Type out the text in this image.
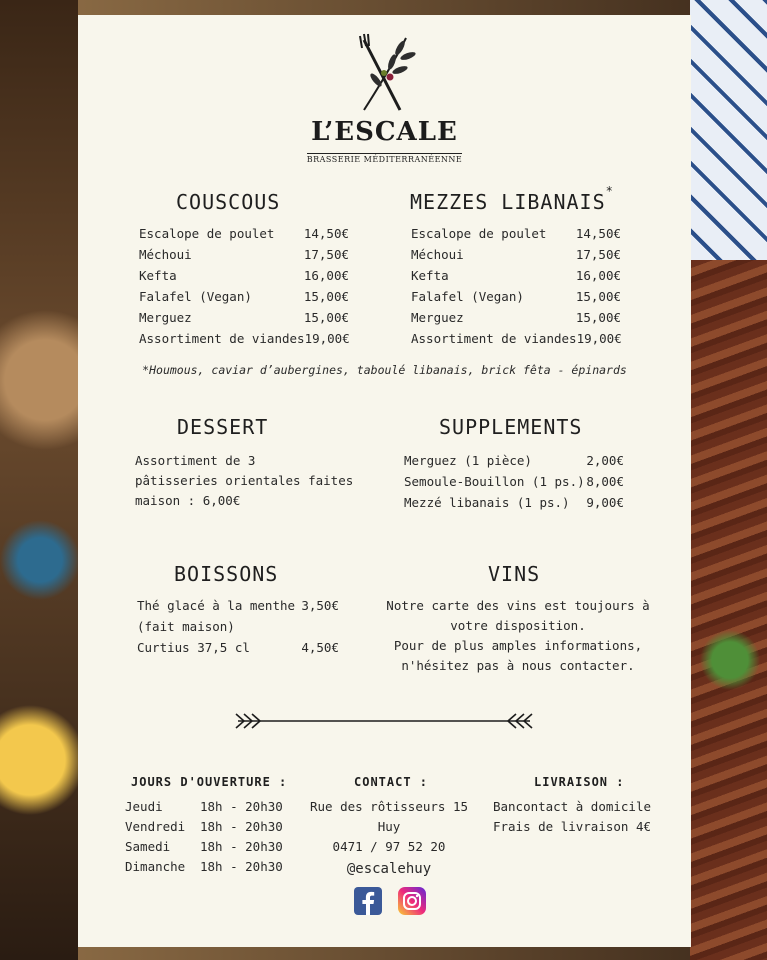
L’ESCALE
BRASSERIE MÉDITERRANÉENNE
COUSCOUS
Escalope de poulet 14,50€
Méchoui	17,50€
Kefta	16,00€
Falafel (Vegan)	15,00€
Merguez	15,00€
Assortiment de viandes 19,00€
MEZZES LIBANAIS*
Escalope de poulet 14,50€
Méchoui	17,50€
Kefta	16,00€
Falafel (Vegan)	15,00€
Merguez	15,00€
Assortiment de viandes 19,00€
*Houmous, caviar d’aubergines, taboulé libanais, brick fêta - épinards
DESSERT
Assortiment de 3
pâtisseries orientales faites
maison : 6,00€
SUPPLEMENTS
Merguez (1 pièce)	2,00€
Semoule-Bouillon (1 ps.) 8,00€
Mezzé libanais (1 ps.) 9,00€
BOISSONS
Thé glacé à la menthe 3,50€
(fait maison)
Curtius 37,5 cl	4,50€
VINS
Notre carte des vins est toujours à
votre disposition.
Pour de plus amples informations,
n'hésitez pas à nous contacter.
JOURS D'OUVERTURE :
Jeudi	18h - 20h30
Vendredi	18h - 20h30
Samedi	18h - 20h30
Dimanche	18h - 20h30
CONTACT :
Rue des rôtisseurs 15
Huy
0471 / 97 52 20
@escalehuy
LIVRAISON :
Bancontact à domicile
Frais de livraison 4€
